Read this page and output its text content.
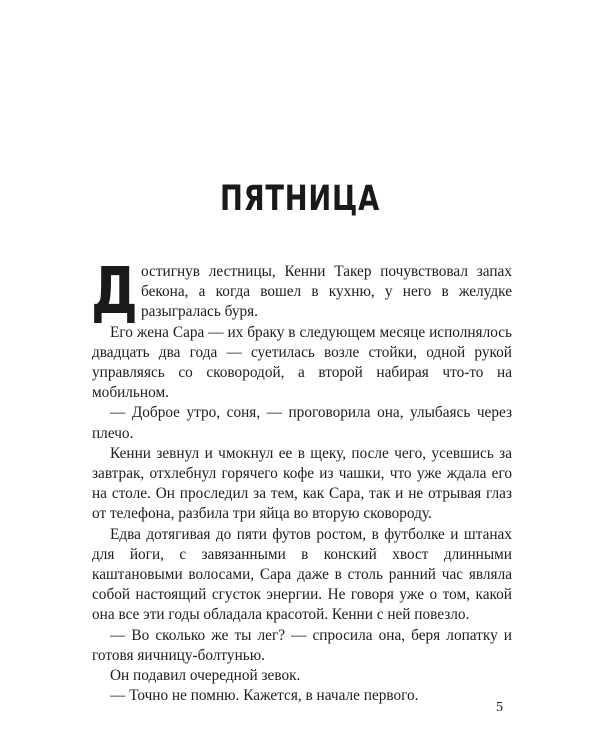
ПЯТНИЦА

Достигнув лестницы, Кенни Такер почувствовал запах бекона, а когда вошел в кухню, у него в желудке разыгралась буря.

Его жена Сара — их браку в следующем месяце исполнялось двадцать два года — суетилась возле стойки, одной рукой управляясь со сковородой, а второй набирая что-то на мобильном.

— Доброе утро, соня, — проговорила она, улыбаясь через плечо.

Кенни зевнул и чмокнул ее в щеку, после чего, усевшись за завтрак, отхлебнул горячего кофе из чашки, что уже ждала его на столе. Он проследил за тем, как Сара, так и не отрывая глаз от телефона, разбила три яйца во вторую сковороду.

Едва дотягивая до пяти футов ростом, в футболке и штанах для йоги, с завязанными в конский хвост длинными каштановыми волосами, Сара даже в столь ранний час являла собой настоящий сгусток энергии. Не говоря уже о том, какой она все эти годы обладала красотой. Кенни с ней повезло.

— Во сколько же ты лег? — спросила она, беря лопатку и готовя яичницу-болтунью.

Он подавил очередной зевок.

— Точно не помню. Кажется, в начале первого.

5
